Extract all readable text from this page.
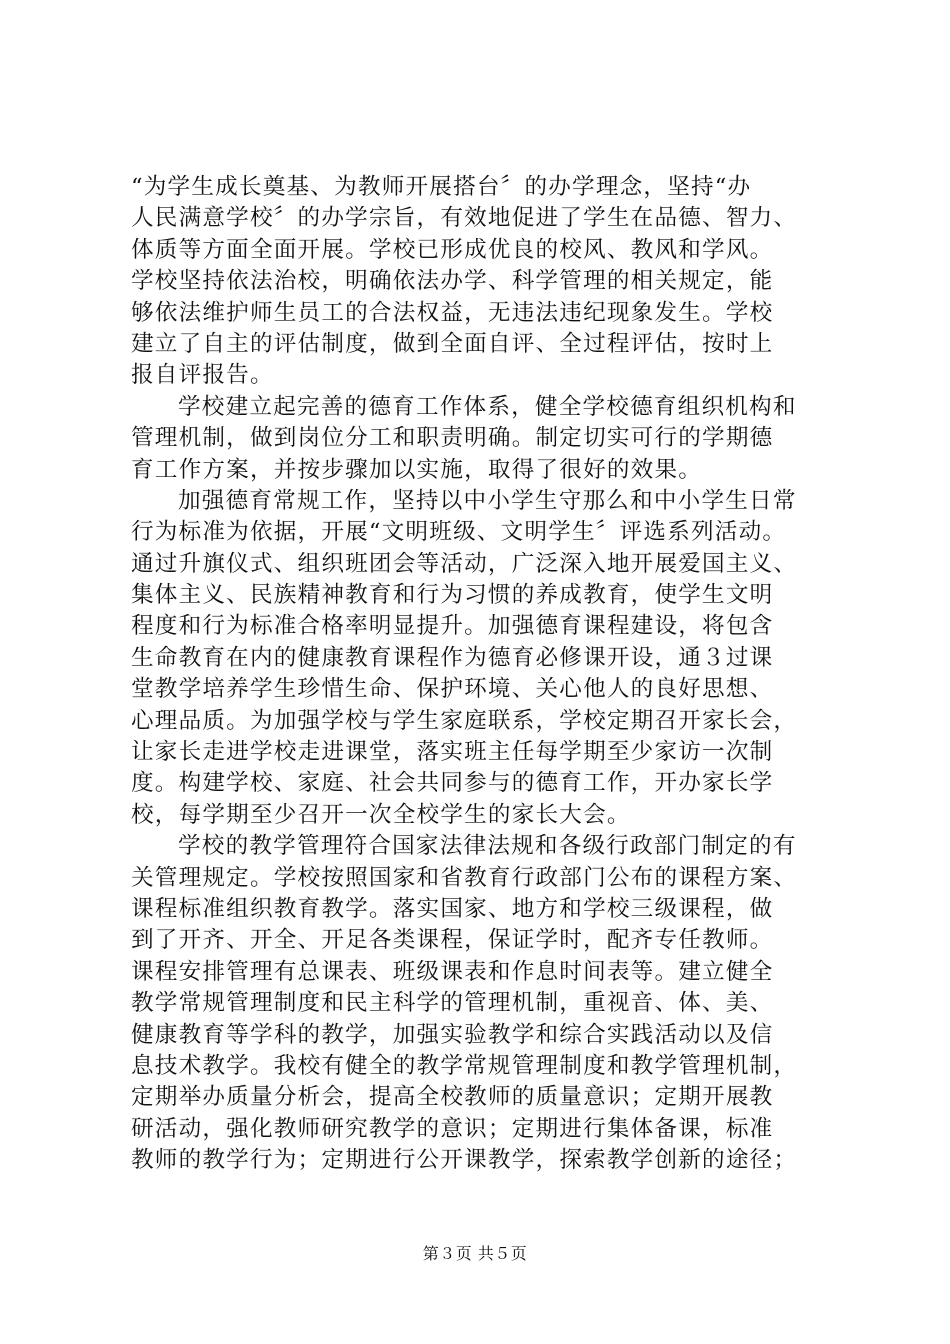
“为学生成长奠基、为教师开展搭台〞的办学理念，坚持“办
人民满意学校〞的办学宗旨，有效地促进了学生在品德、智力、
体质等方面全面开展。学校已形成优良的校风、教风和学风。
学校坚持依法治校，明确依法办学、科学管理的相关规定，能
够依法维护师生员工的合法权益，无违法违纪现象发生。学校
建立了自主的评估制度，做到全面自评、全过程评估，按时上
报自评报告。
学校建立起完善的德育工作体系，健全学校德育组织机构和
管理机制，做到岗位分工和职责明确。制定切实可行的学期德
育工作方案，并按步骤加以实施，取得了很好的效果。
加强德育常规工作，坚持以中小学生守那么和中小学生日常
行为标准为依据，开展“文明班级、文明学生〞评选系列活动。
通过升旗仪式、组织班团会等活动，广泛深入地开展爱国主义、
集体主义、民族精神教育和行为习惯的养成教育，使学生文明
程度和行为标准合格率明显提升。加强德育课程建设，将包含
生命教育在内的健康教育课程作为德育必修课开设，通３过课
堂教学培养学生珍惜生命、保护环境、关心他人的良好思想、
心理品质。为加强学校与学生家庭联系，学校定期召开家长会，
让家长走进学校走进课堂，落实班主任每学期至少家访一次制
度。构建学校、家庭、社会共同参与的德育工作，开办家长学
校，每学期至少召开一次全校学生的家长大会。
学校的教学管理符合国家法律法规和各级行政部门制定的有
关管理规定。学校按照国家和省教育行政部门公布的课程方案、
课程标准组织教育教学。落实国家、地方和学校三级课程，做
到了开齐、开全、开足各类课程，保证学时，配齐专任教师。
课程安排管理有总课表、班级课表和作息时间表等。建立健全
教学常规管理制度和民主科学的管理机制，重视音、体、美、
健康教育等学科的教学，加强实验教学和综合实践活动以及信
息技术教学。我校有健全的教学常规管理制度和教学管理机制，
定期举办质量分析会，提高全校教师的质量意识；定期开展教
研活动，强化教师研究教学的意识；定期进行集体备课，标准
教师的教学行为；定期进行公开课教学，探索教学创新的途径；
第３页 共５页
